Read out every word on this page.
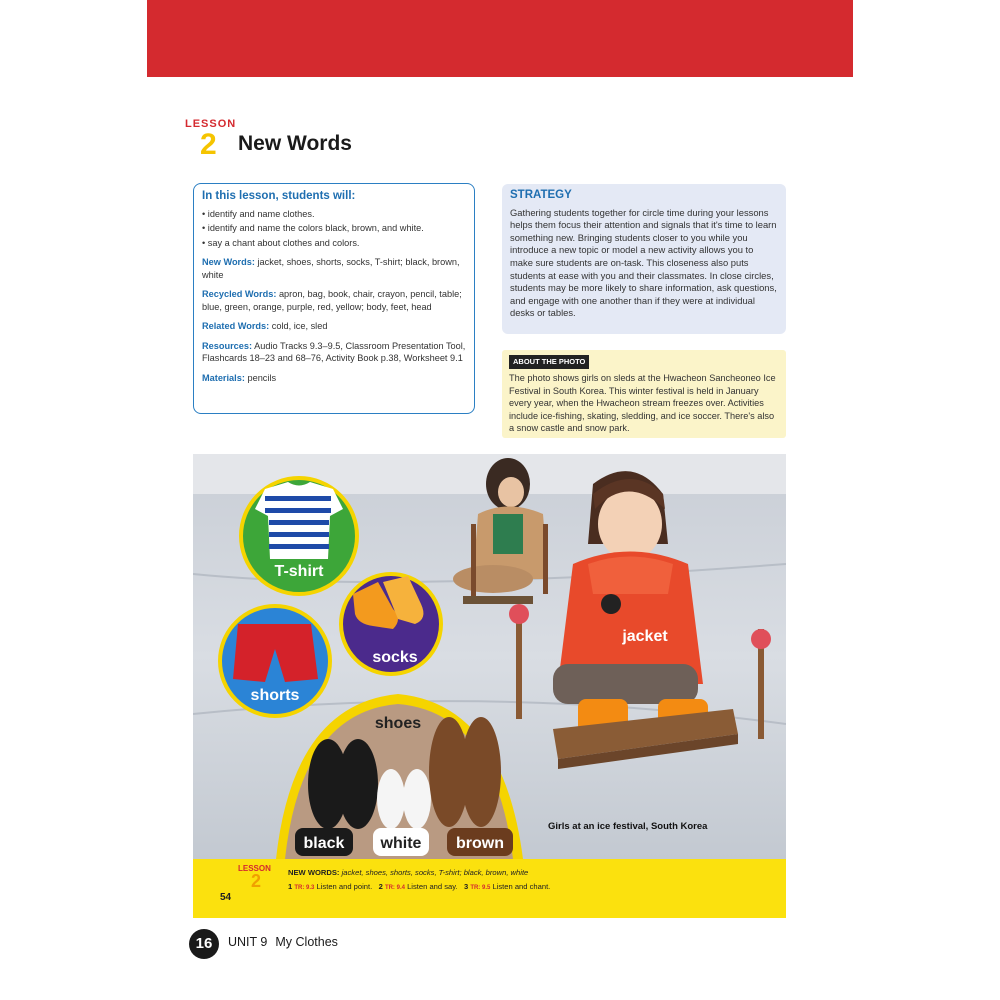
LESSON
2 New Words
In this lesson, students will:
• identify and name clothes.
• identify and name the colors black, brown, and white.
• say a chant about clothes and colors.

New Words: jacket, shoes, shorts, socks, T-shirt; black, brown, white

Recycled Words: apron, bag, book, chair, crayon, pencil, table; blue, green, orange, purple, red, yellow; body, feet, head

Related Words: cold, ice, sled

Resources: Audio Tracks 9.3–9.5, Classroom Presentation Tool, Flashcards 18–23 and 68–76, Activity Book p.38, Worksheet 9.1

Materials: pencils

STRATEGY
Gathering students together for circle time during your lessons helps them focus their attention and signals that it's time to learn something new. Bringing students closer to you while you introduce a new topic or model a new activity allows you to make sure students are on-task. This closeness also puts students at ease with you and their classmates. In close circles, students may be more likely to share information, ask questions, and engage with one another than if they were at individual desks or tables.
ABOUT THE PHOTO
The photo shows girls on sleds at the Hwacheon Sancheoneo Ice Festival in South Korea. This winter festival is held in January every year, when the Hwacheon stream freezes over. Activities include ice-fishing, skating, sledding, and ice soccer. There's also a snow castle and snow park.
T-shirt
socks
shorts
shoes
black white brown
jacket
Girls at an ice festival, South Korea
LESSON
2
54
NEW WORDS: jacket, shoes, shorts, socks, T-shirt; black, brown, white
1 TR: 9.3 Listen and point. 2 TR: 9.4 Listen and say. 3 TR: 9.5 Listen and chant.
16	UNIT 9 My Clothes
